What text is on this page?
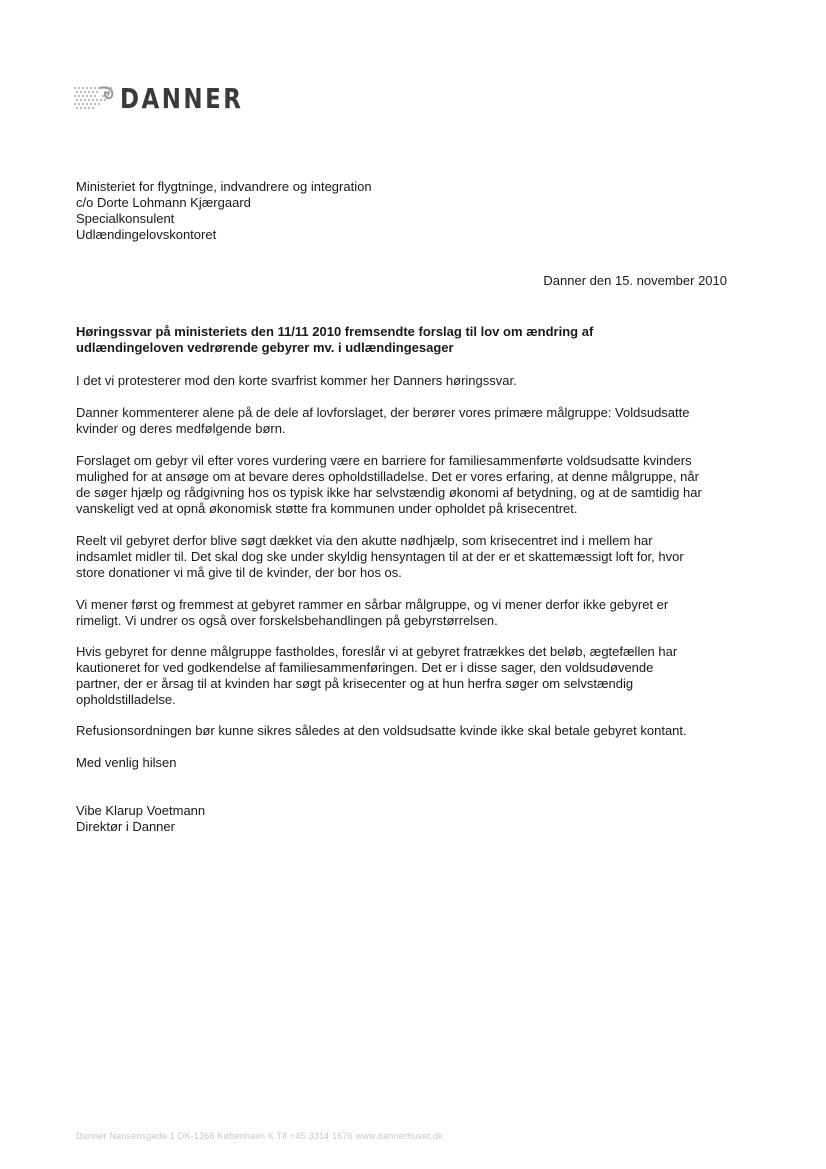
DANNER
Ministeriet for flygtninge, indvandrere og integration
c/o Dorte Lohmann Kjærgaard
Specialkonsulent
Udlændingelovskontoret
Danner den 15. november 2010
Høringssvar på ministeriets den 11/11 2010 fremsendte forslag til lov om ændring af
udlændingeloven vedrørende gebyrer mv. i udlændingesager
I det vi protesterer mod den korte svarfrist kommer her Danners høringssvar.
Danner kommenterer alene på de dele af lovforslaget, der berører vores primære målgruppe: Voldsudsatte
kvinder og deres medfølgende børn.
Forslaget om gebyr vil efter vores vurdering være en barriere for familiesammenførte voldsudsatte kvinders
mulighed for at ansøge om at bevare deres opholdstilladelse. Det er vores erfaring, at denne målgruppe, når
de søger hjælp og rådgivning hos os typisk ikke har selvstændig økonomi af betydning, og at de samtidig har
vanskeligt ved at opnå økonomisk støtte fra kommunen under opholdet på krisecentret.
Reelt vil gebyret derfor blive søgt dækket via den akutte nødhjælp, som krisecentret ind i mellem har
indsamlet midler til. Det skal dog ske under skyldig hensyntagen til at der er et skattemæssigt loft for, hvor
store donationer vi må give til de kvinder, der bor hos os.
Vi mener først og fremmest at gebyret rammer en sårbar målgruppe, og vi mener derfor ikke gebyret er
rimeligt. Vi undrer os også over forskelsbehandlingen på gebyrstørrelsen.
Hvis gebyret for denne målgruppe fastholdes, foreslår vi at gebyret fratrækkes det beløb, ægtefællen har
kautioneret for ved godkendelse af familiesammenføringen. Det er i disse sager, den voldsudøvende
partner, der er årsag til at kvinden har søgt på krisecenter og at hun herfra søger om selvstændig
opholdstilladelse.
Refusionsordningen bør kunne sikres således at den voldsudsatte kvinde ikke skal betale gebyret kontant.
Med venlig hilsen
Vibe Klarup Voetmann
Direktør i Danner
Danner Nansensgade 1 DK-1366 København K Tlf +45 3314 1676 www.dannerhuset.dk
